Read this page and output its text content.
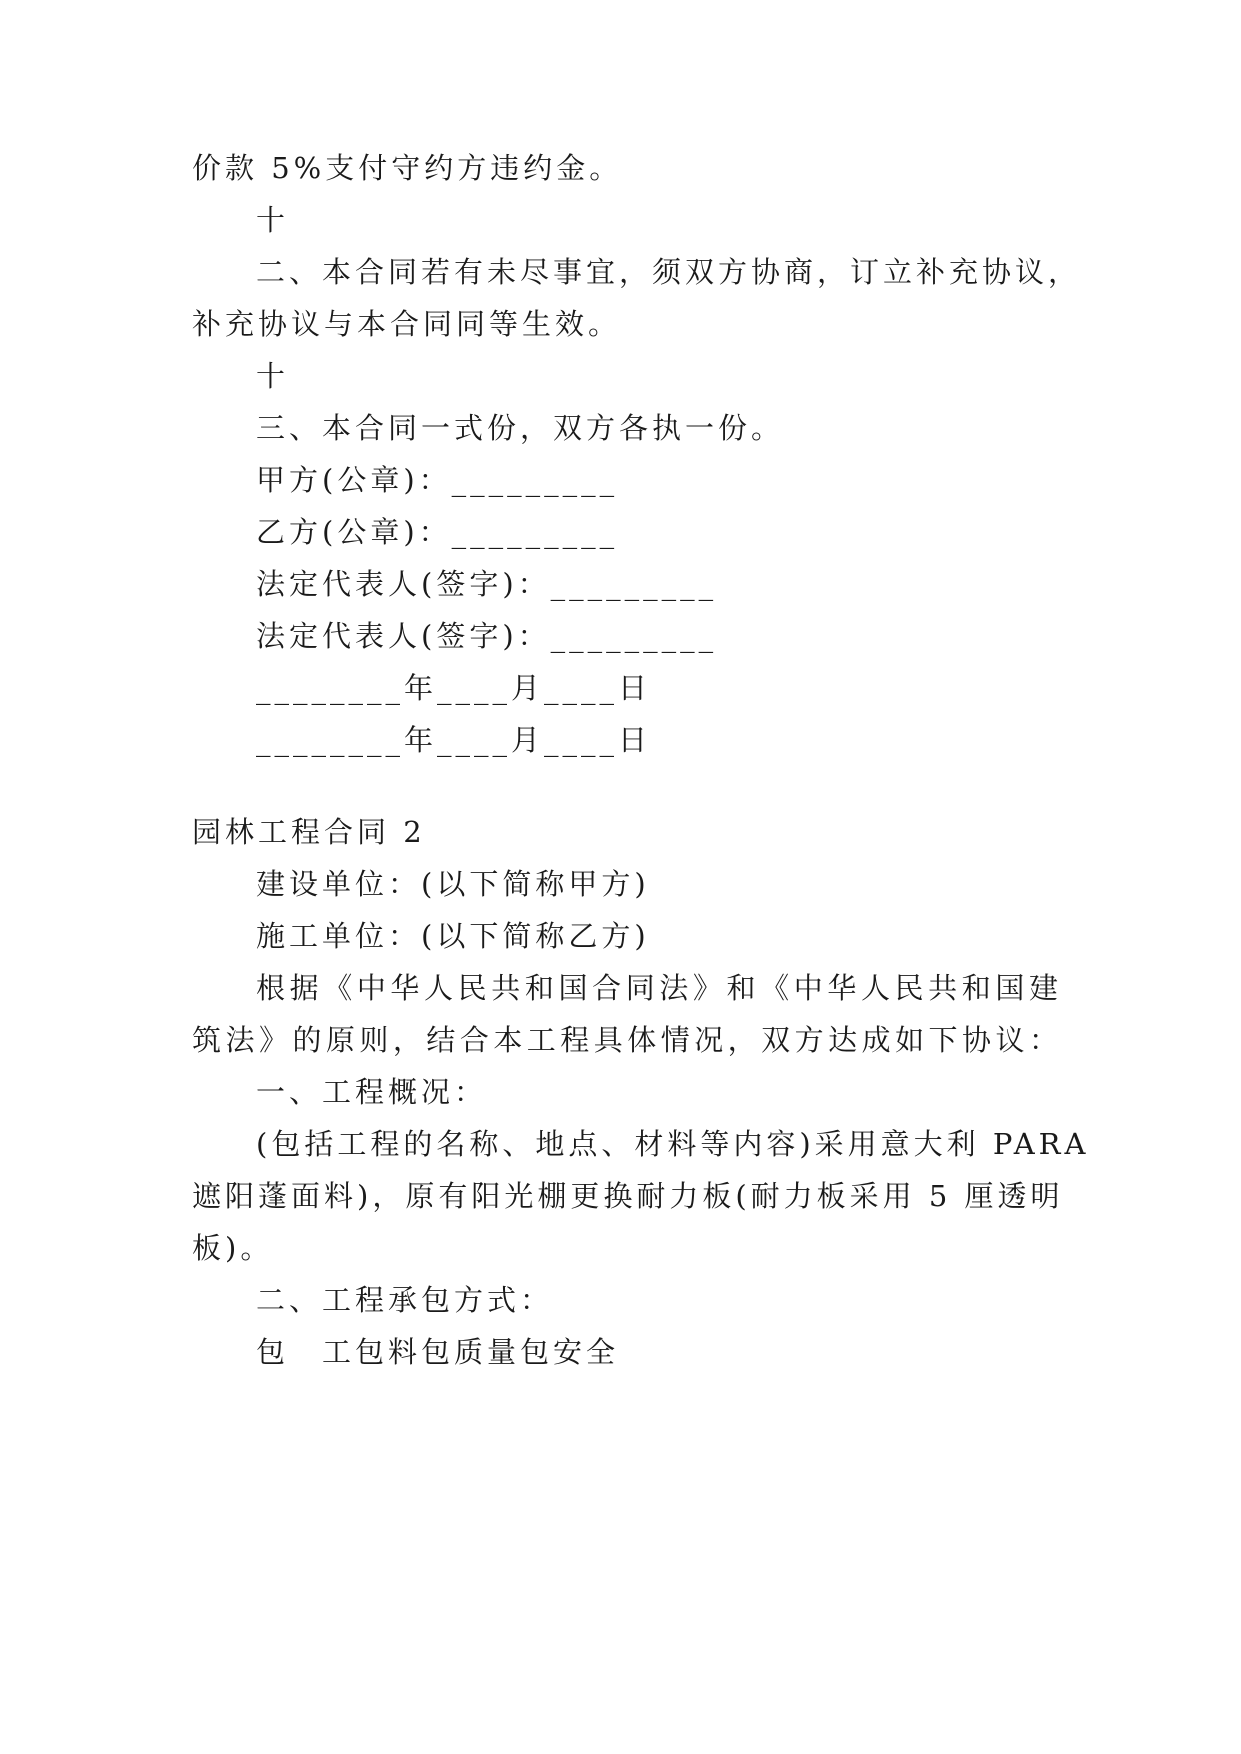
价款 5%支付守约方违约金。
十
二、本合同若有未尽事宜，须双方协商，订立补充协议，
补充协议与本合同同等生效。
十
三、本合同一式份，双方各执一份。
甲方(公章)：_________
乙方(公章)：_________
法定代表人(签字)：_________
法定代表人(签字)：_________
________年____月____日
________年____月____日
园林工程合同 2
建设单位：(以下简称甲方)
施工单位：(以下简称乙方)
根据《中华人民共和国合同法》和《中华人民共和国建
筑法》的原则，结合本工程具体情况，双方达成如下协议：
一、工程概况：
(包括工程的名称、地点、材料等内容)采用意大利 PARA
遮阳蓬面料)，原有阳光棚更换耐力板(耐力板采用 5 厘透明
板)。
二、工程承包方式：
包　工包料包质量包安全
